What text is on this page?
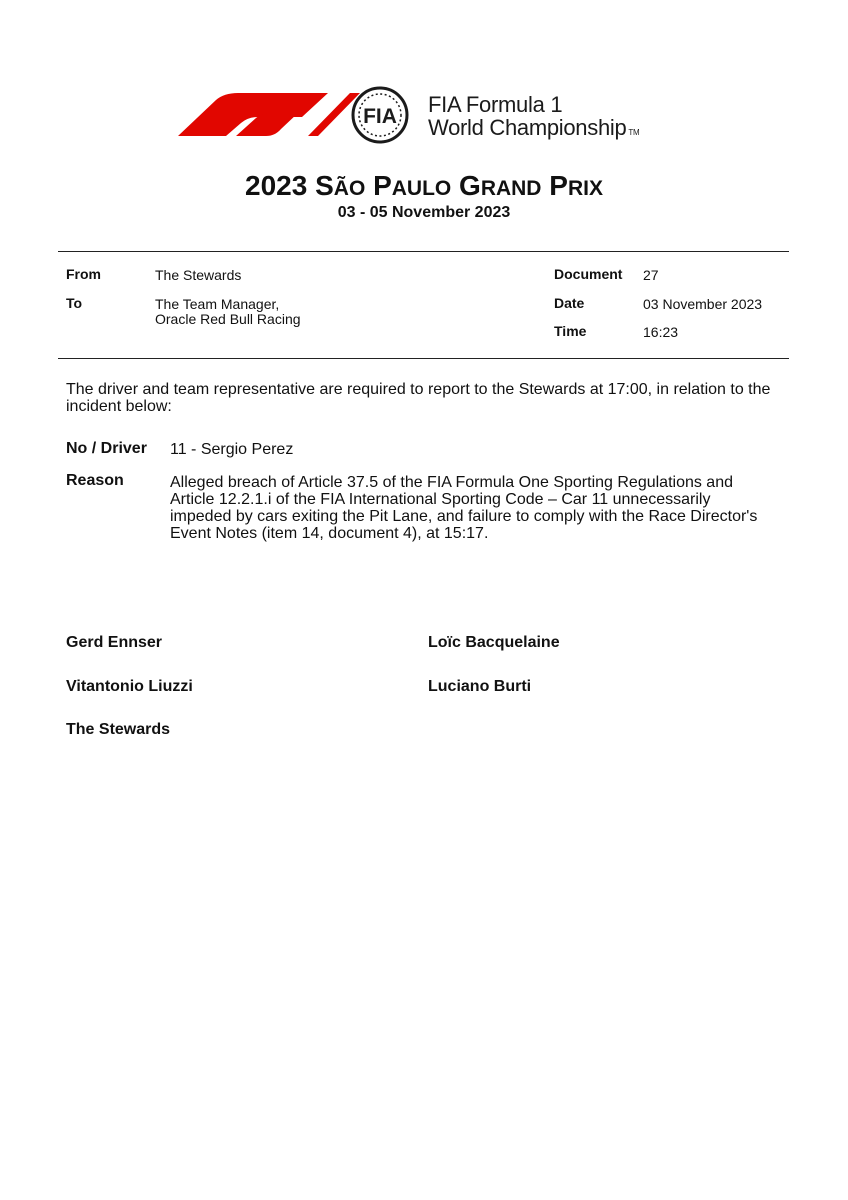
FIA FIA Formula 1
World Championship TM
2023 SÃO PAULO GRAND PRIX
03 - 05 November 2023
From	The Stewards
To	The Team Manager,
Oracle Red Bull Racing
Document 27
Date	03 November 2023
Time	16:23
The driver and team representative are required to report to the Stewards at 17:00, in relation to the
incident below:
No / Driver 11 - Sergio Perez
Reason	Alleged breach of Article 37.5 of the FIA Formula One Sporting Regulations and
Article 12.2.1.i of the FIA International Sporting Code – Car 11 unnecessarily
impeded by cars exiting the Pit Lane, and failure to comply with the Race Director's
Event Notes (item 14, document 4), at 15:17.
Gerd Ennser
Vitantonio Liuzzi
The Stewards
Loïc Bacquelaine
Luciano Burti
